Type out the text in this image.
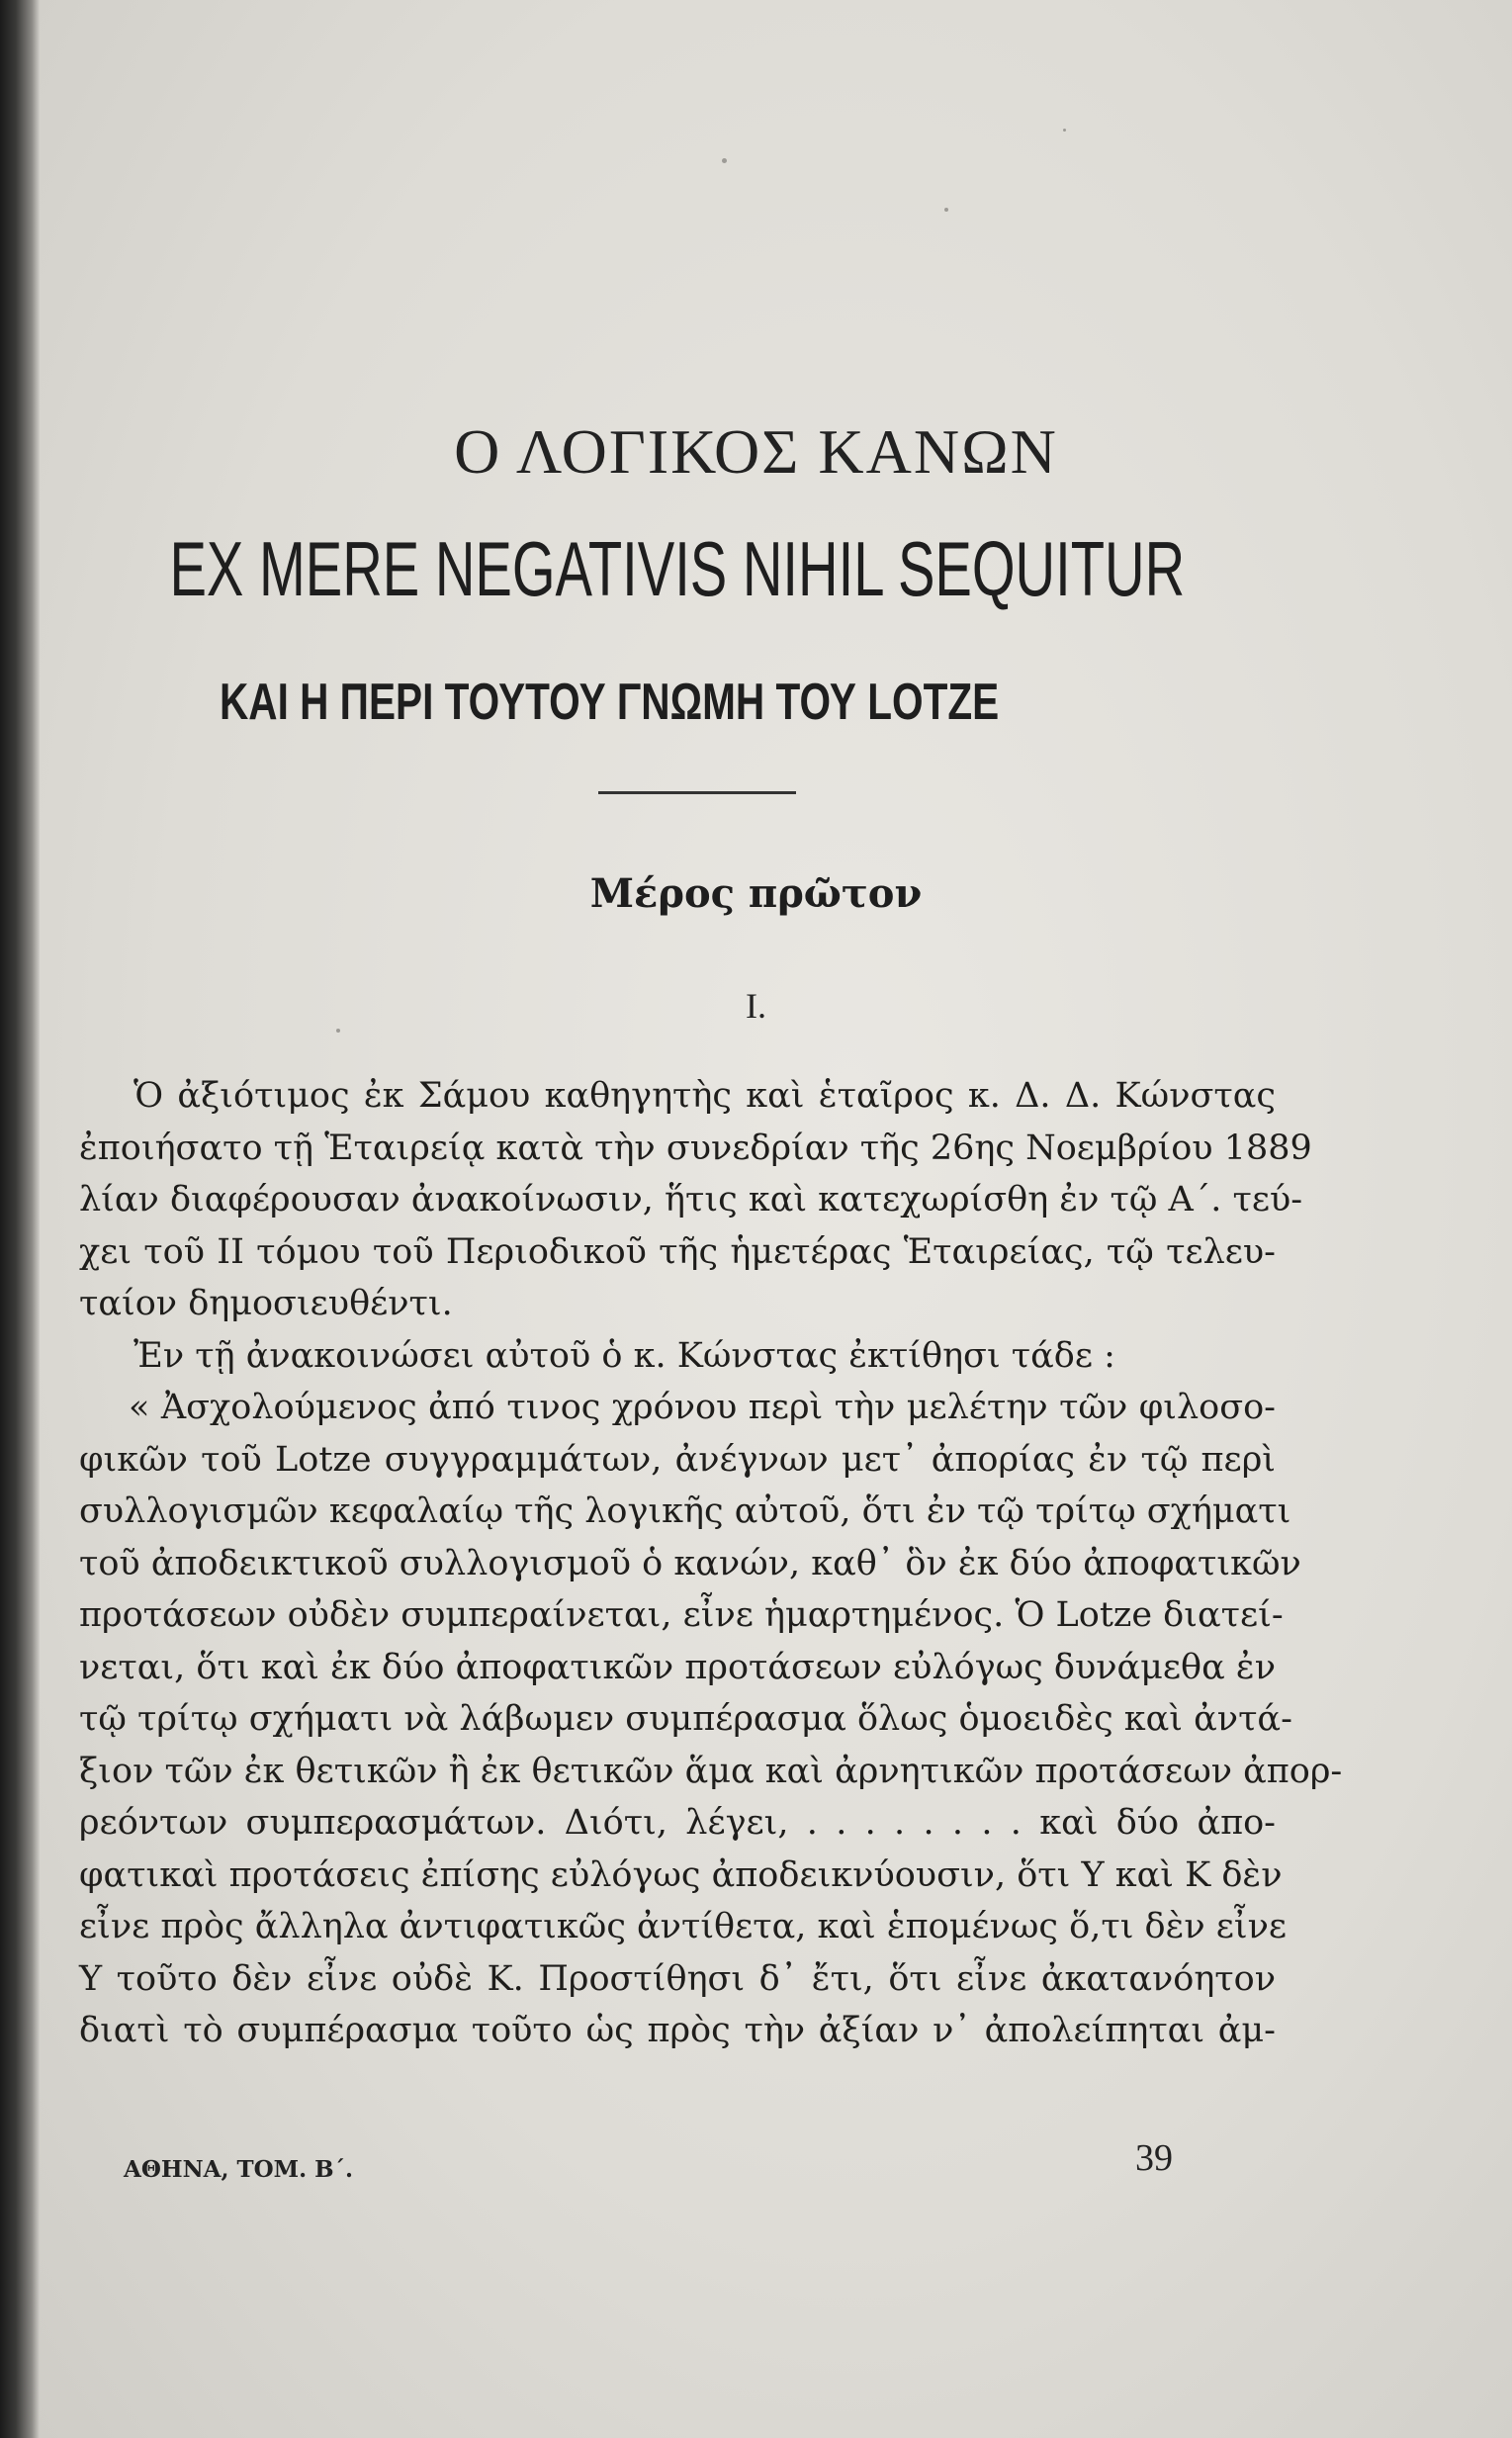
Ο ΛΟΓΙΚΟΣ ΚΑΝΩΝ
EX MERE NEGATIVIS NIHIL SEQUITUR
ΚΑΙ Η ΠΕΡΙ ΤΟΥΤΟΥ ΓΝΩΜΗ ΤΟΥ LOTZE
Μέρος πρῶτον
I.
Ὁ ἀξιότιμος ἐκ Σάμου καθηγητὴς καὶ ἑταῖρος κ. Δ. Δ. Κώνστας
ἐποιήσατο τῇ Ἑταιρείᾳ κατὰ τὴν συνεδρίαν τῆς 26ης Νοεμβρίου 1889
λίαν διαφέρουσαν ἀνακοίνωσιν, ἥτις καὶ κατεχωρίσθη ἐν τῷ Α΄. τεύ-
χει τοῦ ΙΙ τόμου τοῦ Περιοδικοῦ τῆς ἡμετέρας Ἑταιρείας, τῷ τελευ-
ταίον δημοσιευθέντι.
Ἐν τῇ ἀνακοινώσει αὐτοῦ ὁ κ. Κώνστας ἐκτίθησι τάδε :
« Ἀσχολούμενος ἀπό τινος χρόνου περὶ τὴν μελέτην τῶν φιλοσο-
φικῶν τοῦ Lotze συγγραμμάτων, ἀνέγνων μετ᾽ ἀπορίας ἐν τῷ περὶ
συλλογισμῶν κεφαλαίῳ τῆς λογικῆς αὐτοῦ, ὅτι ἐν τῷ τρίτῳ σχήματι
τοῦ ἀποδεικτικοῦ συλλογισμοῦ ὁ κανών, καθ᾽ ὃν ἐκ δύο ἀποφατικῶν
προτάσεων οὐδὲν συμπεραίνεται, εἶνε ἡμαρτημένος. Ὁ Lotze διατεί-
νεται, ὅτι καὶ ἐκ δύο ἀποφατικῶν προτάσεων εὐλόγως δυνάμεθα ἐν
τῷ τρίτῳ σχήματι νὰ λάβωμεν συμπέρασμα ὅλως ὁμοειδὲς καὶ ἀντά-
ξιον τῶν ἐκ θετικῶν ἢ ἐκ θετικῶν ἅμα καὶ ἀρνητικῶν προτάσεων ἀπορ-
ρεόντων συμπερασμάτων. Διότι, λέγει, . . . . . . . . καὶ δύο ἀπο-
φατικαὶ προτάσεις ἐπίσης εὐλόγως ἀποδεικνύουσιν, ὅτι Υ καὶ Κ δὲν
εἶνε πρὸς ἄλληλα ἀντιφατικῶς ἀντίθετα, καὶ ἑπομένως ὅ,τι δὲν εἶνε
Υ τοῦτο δὲν εἶνε οὐδὲ Κ. Προστίθησι δ᾽ ἔτι, ὅτι εἶνε ἀκατανόητον
διατὶ τὸ συμπέρασμα τοῦτο ὡς πρὸς τὴν ἀξίαν ν᾽ ἀπολείπηται ἀμ-
ΑΘΗΝΑ, ΤΟΜ. Β΄.	39
